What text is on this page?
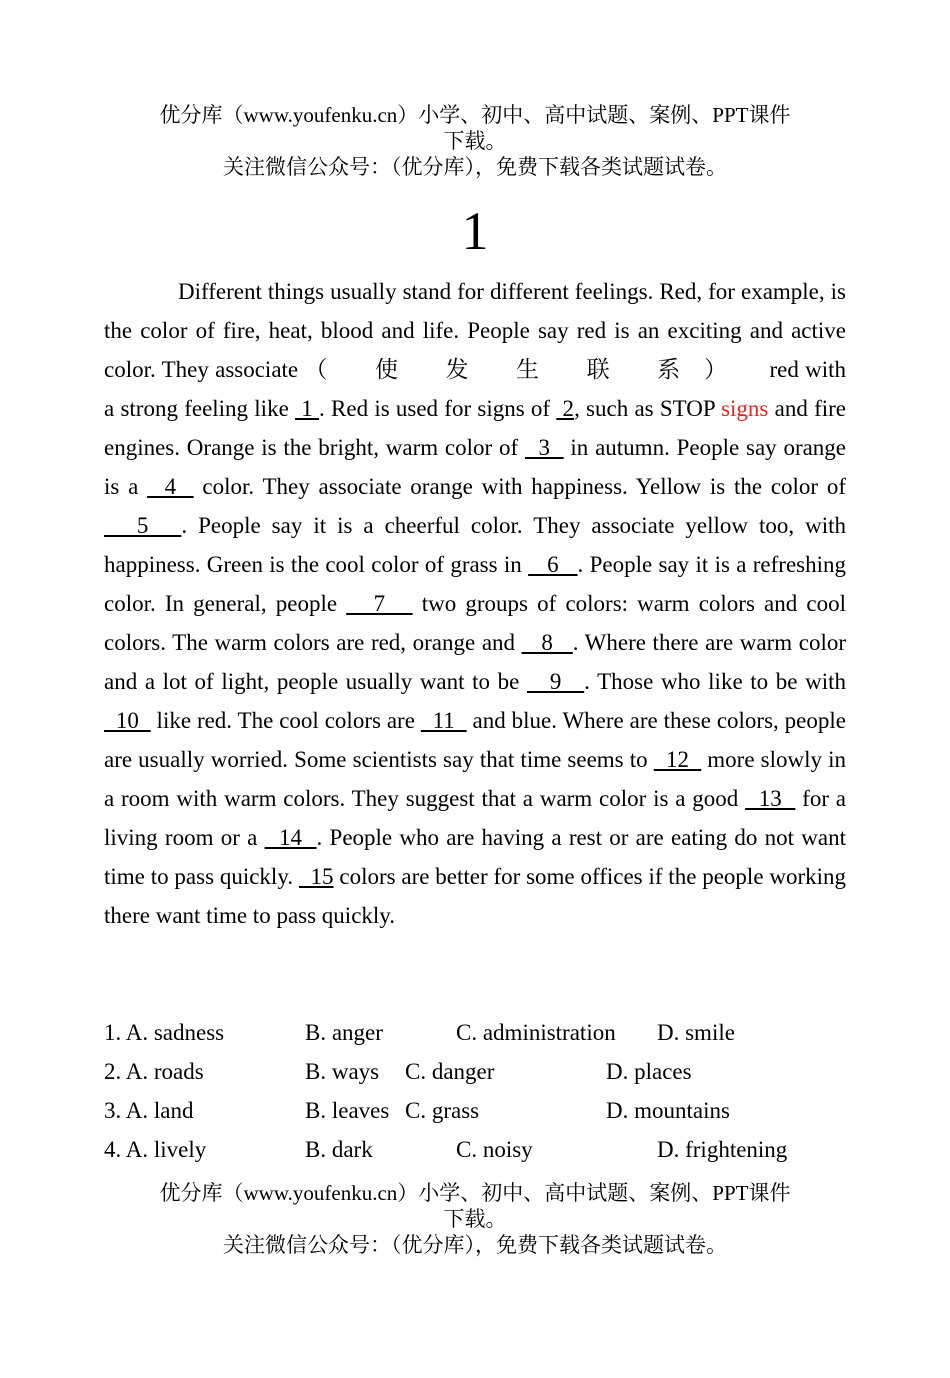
优分库（www.youfenku.cn）小学、初中、高中试题、案例、PPT课件
下载。
关注微信公众号：（优分库），免费下载各类试题试卷。
1

Different things usually stand for different feelings. Red, for example, is the color of fire, heat, blood and life. People say red is an exciting and active color. They associate （　　使　　发　　生　　联　　系　）　　 red with a strong feeling like  1 . Red is used for signs of  2, such as STOP signs and fire engines. Orange is the bright, warm color of   3   in autumn. People say orange is a   4   color. They associate orange with happiness. Yellow is the color of    5   . People say it is a cheerful color. They associate yellow too, with happiness. Green is the cool color of grass in    6   . People say it is a refreshing color. In general, people    7    two groups of colors: warm colors and cool colors. The warm colors are red, orange and    8   . Where there are warm color and a lot of light, people usually want to be    9   . Those who like to be with   10   like red. The cool colors are   11   and blue. Where are these colors, people are usually worried. Some scientists say that time seems to   12   more slowly in a room with warm colors. They suggest that a warm color is a good   13   for a living room or a   14  . People who are having a rest or are eating do not want time to pass quickly.   15 colors are better for some offices if the people working there want time to pass quickly.

1. A. sadness	B. anger	C. administration D. smile
2. A. roads	B. ways C. danger	D. places
3. A. land	B. leaves C. grass	D. mountains
4. A. lively	B. dark	C. noisy	D. frightening
优分库（www.youfenku.cn）小学、初中、高中试题、案例、PPT课件
下载。
关注微信公众号：（优分库），免费下载各类试题试卷。
